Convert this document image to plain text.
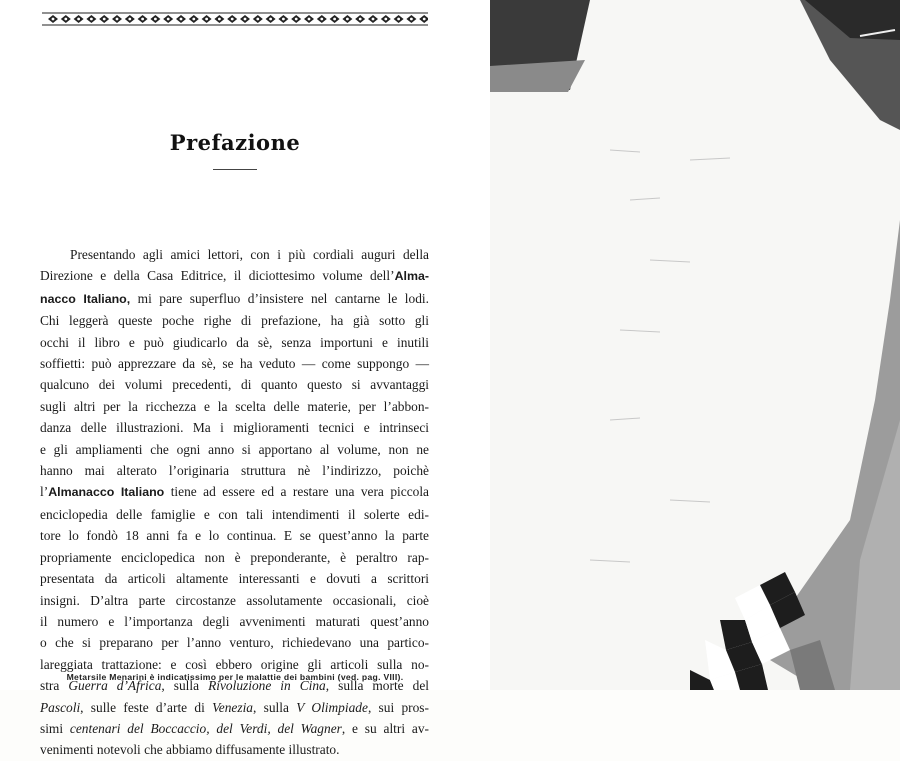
Prefazione
Presentando agli amici lettori, con i più cordiali auguri della
Direzione e della Casa Editrice, il diciottesimo volume dell’Alma-
nacco Italiano, mi pare superfluo d’insistere nel cantarne le lodi.
Chi leggerà queste poche righe di prefazione, ha già sotto gli
occhi il libro e può giudicarlo da sè, senza importuni e inutili
soffietti: può apprezzare da sè, se ha veduto — come suppongo —
qualcuno dei volumi precedenti, di quanto questo si avvantaggi
sugli altri per la ricchezza e la scelta delle materie, per l’abbon-
danza delle illustrazioni. Ma i miglioramenti tecnici e intrinseci
e gli ampliamenti che ogni anno si apportano al volume, non ne
hanno mai alterato l’originaria struttura nè l’indirizzo, poichè
l’Almanacco Italiano tiene ad essere ed a restare una vera piccola
enciclopedia delle famiglie e con tali intendimenti il solerte edi-
tore lo fondò 18 anni fa e lo continua. E se quest’anno la parte
propriamente enciclopedica non è preponderante, è peraltro rap-
presentata da articoli altamente interessanti e dovuti a scrittori
insigni. D’altra parte circostanze assolutamente occasionali, cioè
il numero e l’importanza degli avvenimenti maturati quest’anno
o che si preparano per l’anno venturo, richiedevano una partico-
lareggiata trattazione: e così ebbero origine gli articoli sulla no-
stra Guerra d’Africa, sulla Rivoluzione in Cina, sulla morte del
Pascoli, sulle feste d’arte di Venezia, sulla V Olimpiade, sui pros-
simi centenari del Boccaccio, del Verdi, del Wagner, e su altri av-
venimenti notevoli che abbiamo diffusamente illustrato.
Metarsile Menarini è indicatissimo per le malattie dei bambini (ved. pag. VIII).
